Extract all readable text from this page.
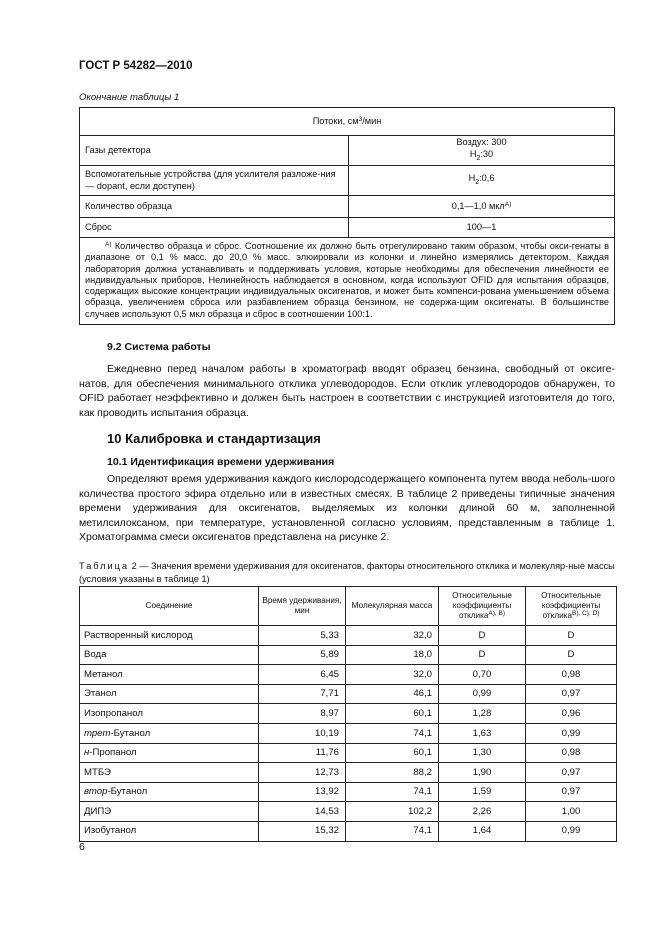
ГОСТ Р 54282—2010
Окончание таблицы 1
Потоки, $см^3$/мин	
Газы детектора	Воздух: 300
$H_2:30$
Вспомогательные устройства (для усилителя разложе-ния — dopant, если доступен)	$H_2:0,6$
Количество образца	0,1—1,0 мкл$^{A)}$
Сброс	100—1
$^{A)}$ Количество образца и сброс. Соотношение их должно быть отрегулировано таким образом, чтобы окси-генаты в диапазоне от 0,1 % масс. до 20,0 % масс. элюировали из колонки и линейно измерялись детектором. Каждая лаборатория должна устанавливать и поддерживать условия, которые необходимы для обеспечения линейности ее индивидуальных приборов, Нелинейность наблюдается в основном, когда используют OFID для испытания образцов, содержащих высокие концентрации индивидуальных оксигенатов, и может быть компенси-рована уменьшением объема образца, увеличением сброса или разбавлением образца бензином, не содержа-щим оксигенаты. В большинстве случаев используют 0,5 мкл образца и сброс в соотношении 100:1.	
9.2 Система работы
Ежедневно перед началом работы в хроматограф вводят образец бензина, свободный от оксиге-натов, для обеспечения минимального отклика углеводородов. Если отклик углеводородов обнаружен, то OFID работает неэффективно и должен быть настроен в соответствии с инструкцией изготовителя до того, как проводить испытания образца.
10 Калибровка и стандартизация
10.1 Идентификация времени удерживания
Определяют время удерживания каждого кислородсодержащего компонента путем ввода неболь-шого количества простого эфира отдельно или в известных смесях. В таблице 2 приведены типичные значения времени удерживания для оксигенатов, выделяемых из колонки длиной 60 м, заполненной метилсилоксаном, при температуре, установленной согласно условиям, представленным в таблице 1. Хроматограмма смеси оксигенатов представлена на рисунке 2.
Таблица 2 — Значения времени удерживания для оксигенатов, факторы относительного отклика и молекуляр-ные массы (условия указаны в таблице 1)
Соединение	Время удерживания, мин	Молекулярная масса	Относительные коэффициенты отклика$^{A), B)}$	Относительные коэффициенты отклика$^{B), C), D)}$
Растворенный кислород	5,33	32,0	D	D
Вода	5,89	18,0	D	D
Метанол	6,45	32,0	0,70	0,98
Этанол	7,71	46,1	0,99	0,97
Изопропанол	8,97	60,1	1,28	0,96
трет-Бутанол	10,19	74,1	1,63	0,99
н-Пропанол	11,76	60,1	1,30	0,98
МТБЭ	12,73	88,2	1,90	0,97
втор-Бутанол	13,92	74,1	1,59	0,97
ДИПЭ	14,53	102,2	2,26	1,00
Изобутанол	15,32	74,1	1,64	0,99
6
